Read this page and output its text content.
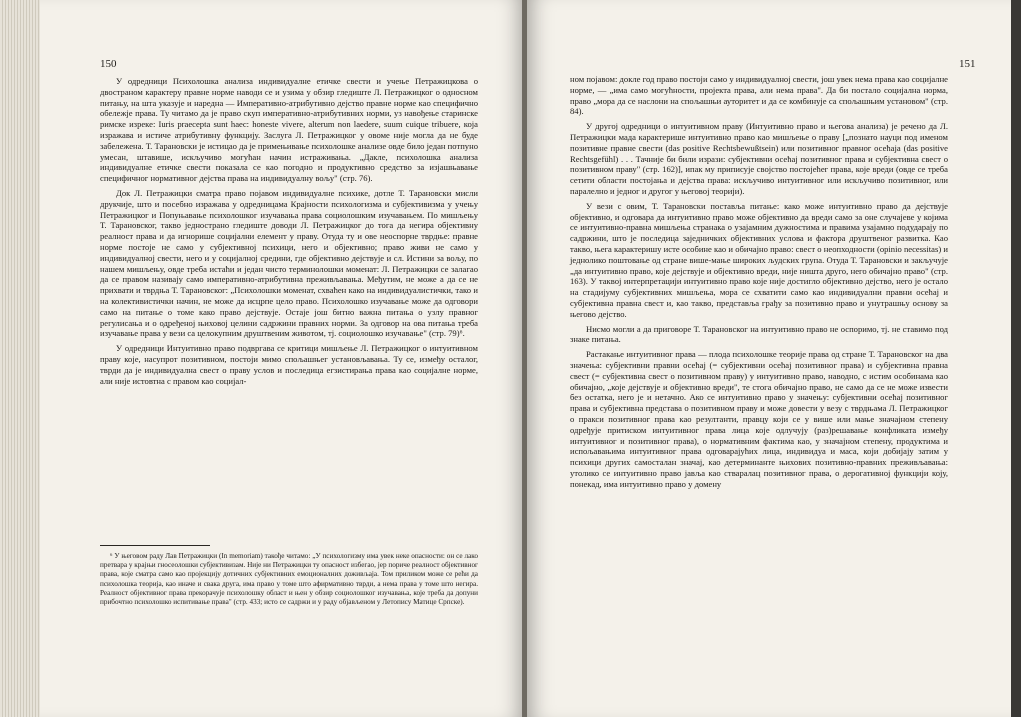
150	151

У одредници Психолошка анализа индивидуалне етичке свести и учење Петражицкова о двостраном карактеру правне норме наводи се и узима у обзир гледиште Л. Петражицког о односном питању, на шта указује и наредна — Императивно-атрибутивно дејство правне норме као специфично обележје права. Ту читамо да је право скуп императивно-атрибутивних норми, уз навођење старинске римске изреке: Iuris praecepta sunt haec: honeste vivere, alterum non laedere, suum cuique tribuere, која изражава и истиче атрибутивну функцију. Заслуга Л. Петражицког у овоме није могла да не буде забележена. Т. Тарановски је истицао да је примењивање психолошке анализе овде било један потпуно умесан, штавише, искључиво могућан начин истраживања. „Дакле, психолошка анализа индивидуалне етичке свести показала се као погодно и продуктивно средство за изјашњавање специфичног нормативног дејства права на индивидуалну вољу" (стр. 76).

Док Л. Петражицки сматра право појавом индивидуалне психике, дотле Т. Тарановски мисли друкчије, што и посебно изражава у одредницама Крајности психологизма и субјективизма у учењу Петражицког и Попуњавање психолошког изучавања права социолошким изучавањем. По мишљењу Т. Тарановског, такво једнострано гледиште доводи Л. Петражицког до тога да негира објективну реалност права и да игнорише социјални елемент у праву. Отуда ту и ове неоспорне тврдње: правне норме постоје не само у субјективној психици, него и објективно; право живи не само у индивидуалној свести, него и у социјалној средини, где објективно дејствује и сл. Истини за вољу, по нашем мишљењу, овде треба истаћи и један чисто терминолошки моменат: Л. Петражицки се залагао да се правом називају само императивно-атрибутивна преживљавања. Међутим, не може а да се не прихвати и тврдња Т. Тарановског: „Психолошки моменат, схваћен како на индивидуалистички, тако и на колективистички начин, не може да исцрпе цело право. Психолошко изучавање може да одговори само на питање о томе како право дејствује. Остаје још битно важна питања о узлу правног регулисања и о одређеној њиховој целини садржини правних норми. За одговор на ова питања треба изучавање права у вези са целокупним друштвеним животом, тј. социолошко изучавање" (стр. 79)⁶.

У одредници Интуитивно право подвргава се критици мишљење Л. Петражицког о интуитивном праву које, насупрот позитивном, постоји мимо спољашњег установљавања. Ту се, између осталог, тврди да је индивидуална свест о праву услов и последица егзистирања права као социјалне норме, али није истовтна с правом као социјал-

⁶ У његовом раду Лав Петражицки (In memoriam) такође читамо: „У психологизму има увек неке опасности: он се лако претвара у крајњи гносеолошки субјективизам. Није ни Петражицки ту опасност избегао, јер пориче реалност објективног права, које сматра само као пројекцију дотичних субјективних емоционалних доживљаја. Том приликом може се рећи да психолошка теорија, као иначе и свака друга, има право у томе што афирмативно тврди, а нема права у томе што негира. Реалност објективног права прекорачује психолошку област и њен у обзир социолошког изучавања, које треба да допуни прибочтно психолошко испитивање права" (стр. 433; исто се садржи и у раду објављеном у Летопису Матице Српске).

ном појавом: докле год право постоји само у индивидуалној свести, још увек нема права као социјалне норме, — „има само могућности, пројекта права, али нема права". Да би постало социјална норма, право „мора да се наслони на спољашњи ауторитет и да се комбинује са спољашњим установом" (стр. 84).

У другој одредници о интуитивном праву (Интуитивно право и његова анализа) је речено да Л. Петражицки мада карактерише интуитивно право као мишљење о праву [„познато науци под именом позитивне правне свести (das positive Rechtsbewußtsein) или позитивног правног осећаја (das positive Rechtsgefühl) . . . Тачније би били изрази: субјективни осећај позитивног права и субјективна свест о позитивном праву" (стр. 162)], ипак му приписује својство постојећег права, које вреди (овде се треба сетити области постојања и дејства права: искључиво интуитивног или искључиво позитивног, или паралелно и једног и другог у његовој теорији).

У вези с овим, Т. Тарановски поставља питање: како може интуитивно право да дејствује објективно, и одговара да интуитивно право може објективно да вреди само за оне случајеве у којима се интуитивно-правна мишљења странака о узајамним дужностима и правима узајамно подударају по садржини, што је последица заједничких објективних услова и фактора друштвеног развитка. Као такво, њега карактеришу исте особине као и обичајно право: свест о неопходности (opinio necessitas) и једнолико поштовање од стране више-мање широких људских група. Отуда Т. Тарановски и закључује „да интуитивно право, које дејствује и објективно вреди, није ништа друго, него обичајно право" (стр. 163). У таквој интерпретацији интуитивно право које није достигло објективно дејство, него је остало на стадијуму субјективних мишљења, мора се схватити само као индивидуални правни осећај и субјективна правна свест и, као такво, представља грађу за позитивно право и унутрашњу основу за његово дејство.

Нисмо могли а да приговоре Т. Тарановског на интуитивно право не оспоримо, тј. не ставимо под знаке питања.

Растакање интуитивног права — плода психолошке теорије права од стране Т. Тарановског на два значења: субјективни правни осећај (= субјективни осећај позитивног права) и субјективна правна свест (= субјективна свест о позитивном праву) у интуитивно право, наводно, с истим особинама као обичајно, „које дејствује и објективно вреди", те стога обичајно право, не само да се не може извести без остатка, него је и нетачно. Ако се интуитивно право у значењу: субјективни осећај позитивног права и субјективна представа о позитивном праву и може довести у везу с тврдњама Л. Петражицког о пракси позитивног права као резултанти, правцу који се у више или мање значајном степену одређује притиском интуитивног права лица које одлучују (раз)решавање конфликата између интуитивног и позитивног права), о нормативним фактима као, у значајном степену, продуктима и испољавањима интуитивног права одговарајућих лица, индивидуа и маса, који добијају затим у психици других самосталан значај, као детерминанте њихових позитивно-правних преживљавања: утолико се интуитивно право јавља као стваралац позитивног права, о дерогативној функцији коју, понекад, има интуитивно право у домену
